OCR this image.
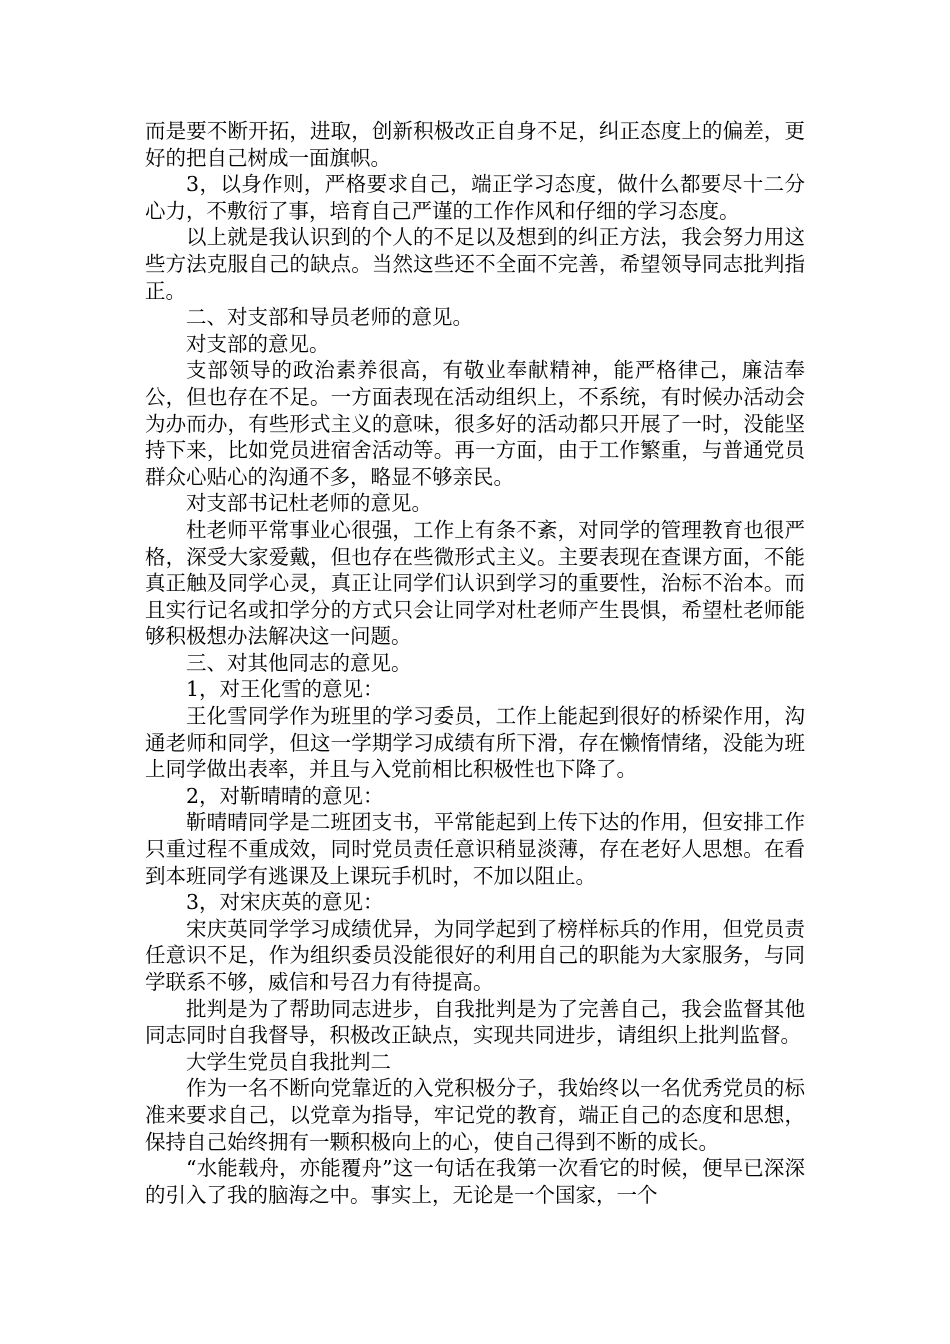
而是要不断开拓，进取，创新积极改正自身不足，纠正态度上的偏差，更好的把自己树成一面旗帜。

3，以身作则，严格要求自己，端正学习态度，做什么都要尽十二分心力，不敷衍了事，培育自己严谨的工作作风和仔细的学习态度。

以上就是我认识到的个人的不足以及想到的纠正方法，我会努力用这些方法克服自己的缺点。当然这些还不全面不完善，希望领导同志批判指正。

二、对支部和导员老师的意见。

对支部的意见。

支部领导的政治素养很高，有敬业奉献精神，能严格律己，廉洁奉公，但也存在不足。一方面表现在活动组织上，不系统，有时候办活动会为办而办，有些形式主义的意味，很多好的活动都只开展了一时，没能坚持下来，比如党员进宿舍活动等。再一方面，由于工作繁重，与普通党员群众心贴心的沟通不多，略显不够亲民。

对支部书记杜老师的意见。

杜老师平常事业心很强，工作上有条不紊，对同学的管理教育也很严格，深受大家爱戴，但也存在些微形式主义。主要表现在查课方面，不能真正触及同学心灵，真正让同学们认识到学习的重要性，治标不治本。而且实行记名或扣学分的方式只会让同学对杜老师产生畏惧，希望杜老师能够积极想办法解决这一问题。

三、对其他同志的意见。

1，对王化雪的意见：

王化雪同学作为班里的学习委员，工作上能起到很好的桥梁作用，沟通老师和同学，但这一学期学习成绩有所下滑，存在懒惰情绪，没能为班上同学做出表率，并且与入党前相比积极性也下降了。

2，对靳晴晴的意见：

靳晴晴同学是二班团支书，平常能起到上传下达的作用，但安排工作只重过程不重成效，同时党员责任意识稍显淡薄，存在老好人思想。在看到本班同学有逃课及上课玩手机时，不加以阻止。

3，对宋庆英的意见：

宋庆英同学学习成绩优异，为同学起到了榜样标兵的作用，但党员责任意识不足，作为组织委员没能很好的利用自己的职能为大家服务，与同学联系不够，威信和号召力有待提高。

批判是为了帮助同志进步，自我批判是为了完善自己，我会监督其他同志同时自我督导，积极改正缺点，实现共同进步，请组织上批判监督。

大学生党员自我批判二

作为一名不断向党靠近的入党积极分子，我始终以一名优秀党员的标准来要求自己，以党章为指导，牢记党的教育，端正自己的态度和思想，保持自己始终拥有一颗积极向上的心，使自己得到不断的成长。

“水能载舟，亦能覆舟”这一句话在我第一次看它的时候，便早已深深的引入了我的脑海之中。事实上，无论是一个国家，一个
